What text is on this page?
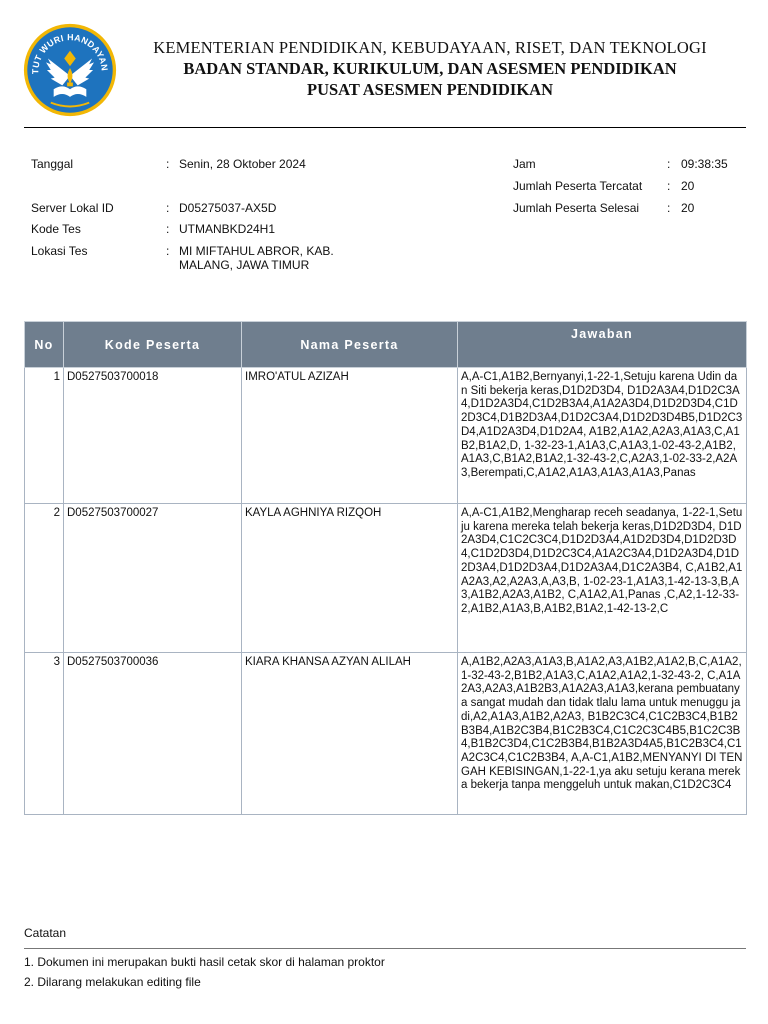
TUT WURI HANDAYAN
KEMENTERIAN PENDIDIKAN, KEBUDAYAAN, RISET, DAN TEKNOLOGI
BADAN STANDAR, KURIKULUM, DAN ASESMEN PENDIDIKAN
PUSAT ASESMEN PENDIDIKAN
Tanggal	: Senin, 28 Oktober 2024
Server Lokal ID	: D05275037-AX5D
Kode Tes	: UTMANBKD24H1
Lokasi Tes	: MI MIFTAHUL ABROR, KAB.
MALANG, JAWA TIMUR
Jam	: 09:38:35
Jumlah Peserta Tercatat : 20
Jumlah Peserta Selesai : 20
No	Kode Peserta	Nama Peserta	Jawaban
1	D0527503700018	IMRO'ATUL AZIZAH	A,A-C1,A1B2,Bernyanyi,1-22-1,Setuju karena Udin dan Siti bekerja keras,D1D2D3D4, D1D2A3A4,D1D2C3A4,D1D2A3D4,C1D2B3A4,A1A2A3D4,D1D2D3D4,C1D2D3C4,D1B2D3A4,D1D2C3A4,D1D2D3D4B5,D1D2C3D4,A1D2A3D4,D1D2A4, A1B2,A1A2,A2A3,A1A3,C,A1B2,B1A2,D, 1-32-23-1,A1A3,C,A1A3,1-02-43-2,A1B2,A1A3,C,B1A2,B1A2,1-32-43-2,C,A2A3,1-02-33-2,A2A3,Berempati,C,A1A2,A1A3,A1A3,A1A3,Panas
2	D0527503700027	KAYLA AGHNIYA RIZQOH	A,A-C1,A1B2,Mengharap receh seadanya, 1-22-1,Setuju karena mereka telah bekerja keras,D1D2D3D4, D1D2A3D4,C1C2C3C4,D1D2D3A4,A1D2D3D4,D1D2D3D4,C1D2D3D4,D1D2C3C4,A1A2C3A4,D1D2A3D4,D1D2D3A4,D1D2D3A4,D1D2A3A4,D1C2A3B4, C,A1B2,A1A2A3,A2,A2A3,A,A3,B, 1-02-23-1,A1A3,1-42-13-3,B,A3,A1B2,A2A3,A1B2, C,A1A2,A1,Panas ,C,A2,1-12-33-2,A1B2,A1A3,B,A1B2,B1A2,1-42-13-2,C
3	D0527503700036	KIARA KHANSA AZYAN ALILAH	A,A1B2,A2A3,A1A3,B,A1A2,A3,A1B2,A1A2,B,C,A1A2,1-32-43-2,B1B2,A1A3,C,A1A2,A1A2,1-32-43-2, C,A1A2A3,A2A3,A1B2B3,A1A2A3,A1A3,kerana pembuatanya sangat mudah dan tidak tlalu lama untuk menuggu jadi,A2,A1A3,A1B2,A2A3, B1B2C3C4,C1C2B3C4,B1B2B3B4,A1B2C3B4,B1C2B3C4,C1C2C3C4B5,B1C2C3B4,B1B2C3D4,C1C2B3B4,B1B2A3D4A5,B1C2B3C4,C1A2C3C4,C1C2B3B4, A,A-C1,A1B2,MENYANYI DI TENGAH KEBISINGAN,1-22-1,ya aku setuju kerana mereka bekerja tanpa menggeluh untuk makan,C1D2C3C4
Catatan
1. Dokumen ini merupakan bukti hasil cetak skor di halaman proktor
2. Dilarang melakukan editing file
